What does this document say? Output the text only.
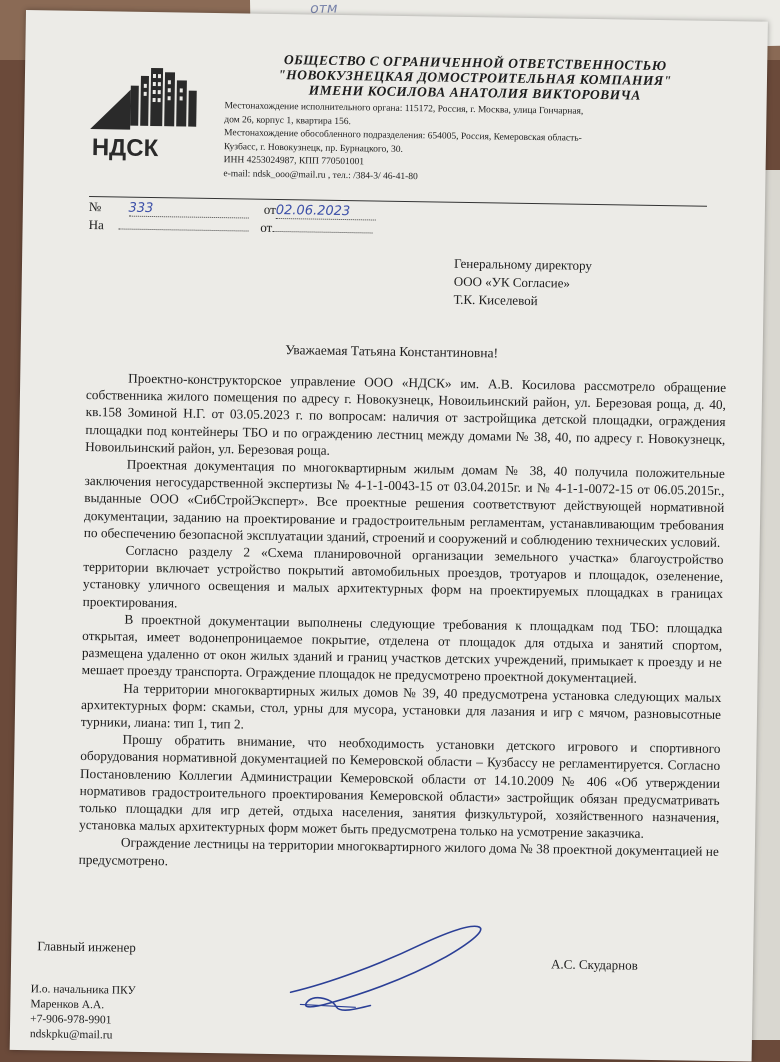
отм
НДСК
ОБЩЕСТВО С ОГРАНИЧЕННОЙ ОТВЕТСТВЕННОСТЬЮ
"НОВОКУЗНЕЦКАЯ ДОМОСТРОИТЕЛЬНАЯ КОМПАНИЯ"
ИМЕНИ КОСИЛОВА АНАТОЛИЯ ВИКТОРОВИЧА
Местонахождение исполнительного органа: 115172, Россия, г. Москва, улица Гончарная,
дом 26, корпус 1, квартира 156.
Местонахождение обособленного подразделения: 654005, Россия, Кемеровская область-
Кузбасс, г. Новокузнецк, пр. Бурнацкого, 30.
ИНН 4253024987, КПП 770501001
e-mail: ndsk_ooo@mail.ru , тел.: /384-3/ 46-41-80
№ 333	от02.06.2023
На	от
Генеральному директору
ООО «УК Согласие»
Т.К. Киселевой
Уважаемая Татьяна Константиновна!

Проектно-конструкторское управление ООО «НДСК» им. А.В. Косилова рассмотрело обращение собственника жилого помещения по адресу г. Новокузнецк, Новоильинский район, ул. Березовая роща, д. 40, кв.158 Зоминой Н.Г. от 03.05.2023 г. по вопросам: наличия от застройщика детской площадки, ограждения площадки под контейнеры ТБО и по ограждению лестниц между домами № 38, 40, по адресу г. Новокузнецк, Новоильинский район, ул. Березовая роща.

Проектная документация по многоквартирным жилым домам № 38, 40 получила положительные заключения негосударственной экспертизы № 4-1-1-0043-15 от 03.04.2015г. и № 4-1-1-0072-15 от 06.05.2015г., выданные ООО «СибСтройЭксперт». Все проектные решения соответствуют действующей нормативной документации, заданию на проектирование и градостроительным регламентам, устанавливающим требования по обеспечению безопасной эксплуатации зданий, строений и сооружений и соблюдению технических условий.

Согласно разделу 2 «Схема планировочной организации земельного участка» благоустройство территории включает устройство покрытий автомобильных проездов, тротуаров и площадок, озеленение, установку уличного освещения и малых архитектурных форм на проектируемых площадках в границах проектирования.

В проектной документации выполнены следующие требования к площадкам под ТБО: площадка открытая, имеет водонепроницаемое покрытие, отделена от площадок для отдыха и занятий спортом, размещена удаленно от окон жилых зданий и границ участков детских учреждений, примыкает к проезду и не мешает проезду транспорта. Ограждение площадок не предусмотрено проектной документацией.

На территории многоквартирных жилых домов № 39, 40 предусмотрена установка следующих малых архитектурных форм: скамьи, стол, урны для мусора, установки для лазания и игр с мячом, разновысотные турники, лиана: тип 1, тип 2.

Прошу обратить внимание, что необходимость установки детского игрового и спортивного оборудования нормативной документацией по Кемеровской области – Кузбассу не регламентируется. Согласно Постановлению Коллегии Администрации Кемеровской области от 14.10.2009 № 406 «Об утверждении нормативов градостроительного проектирования Кемеровской области» застройщик обязан предусматривать только площадки для игр детей, отдыха населения, занятия физкультурой, хозяйственного назначения, установка малых архитектурных форм может быть предусмотрена только на усмотрение заказчика.

Ограждение лестницы на территории многоквартирного жилого дома № 38 проектной документацией не предусмотрено.

Главный инженер
А.С. Скударнов
И.о. начальника ПКУ
Маренков А.А.
+7-906-978-9901
ndskpku@mail.ru
